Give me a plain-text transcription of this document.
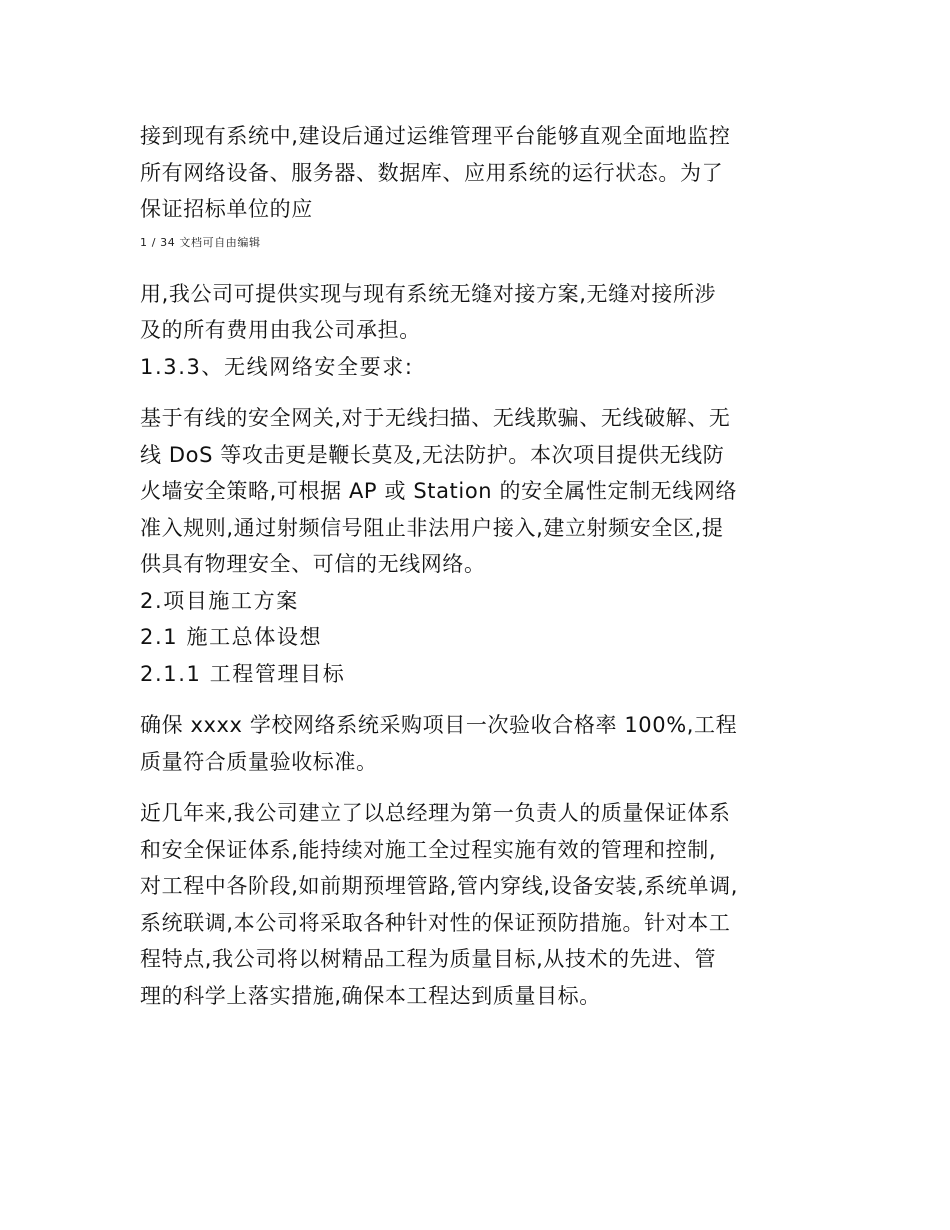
接到现有系统中,建设后通过运维管理平台能够直观全面地监控
所有网络设备、服务器、数据库、应用系统的运行状态。为了
保证招标单位的应

1 / 34 文档可自由编辑

用,我公司可提供实现与现有系统无缝对接方案,无缝对接所涉
及的所有费用由我公司承担。

1.3.3、无线网络安全要求:

基于有线的安全网关,对于无线扫描、无线欺骗、无线破解、无
线 DoS 等攻击更是鞭长莫及,无法防护。本次项目提供无线防
火墙安全策略,可根据 AP 或 Station 的安全属性定制无线网络
准入规则,通过射频信号阻止非法用户接入,建立射频安全区,提
供具有物理安全、可信的无线网络。

2.项目施工方案
2.1 施工总体设想
2.1.1 工程管理目标

确保 xxxx 学校网络系统采购项目一次验收合格率 100%,工程
质量符合质量验收标准。

近几年来,我公司建立了以总经理为第一负责人的质量保证体系
和安全保证体系,能持续对施工全过程实施有效的管理和控制,
对工程中各阶段,如前期预埋管路,管内穿线,设备安装,系统单调,
系统联调,本公司将采取各种针对性的保证预防措施。针对本工
程特点,我公司将以树精品工程为质量目标,从技术的先进、管
理的科学上落实措施,确保本工程达到质量目标。
